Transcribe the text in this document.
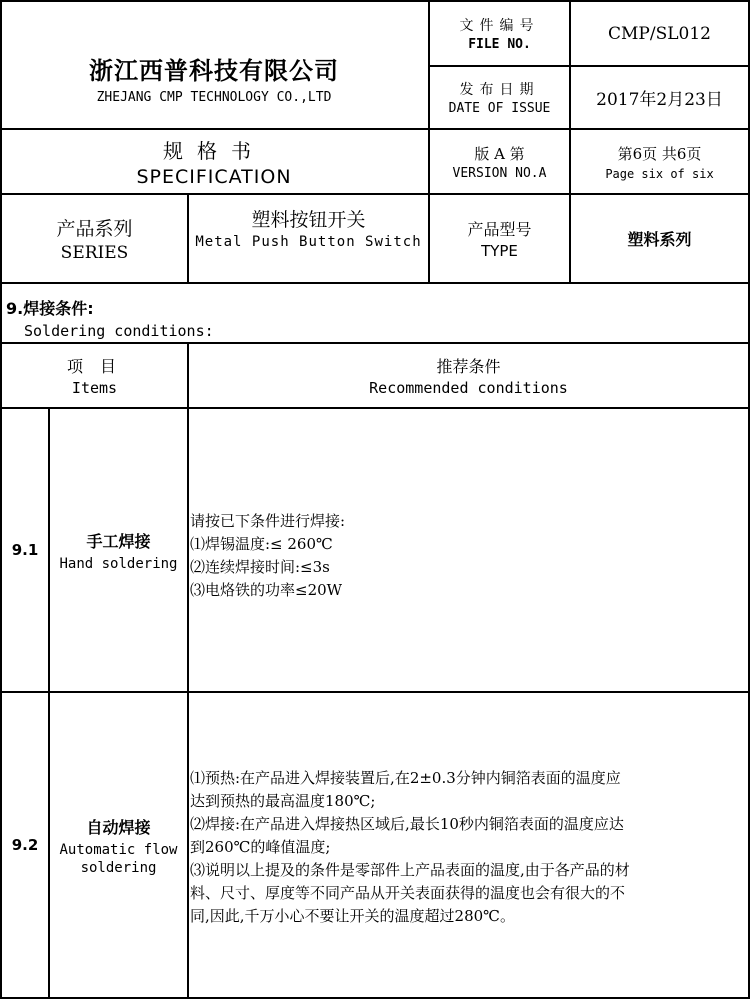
浙江西普科技有限公司
ZHEJANG CMP TECHNOLOGY CO.,LTD
文件编号
FILE NO.
CMP/SL012
发布日期
DATE OF ISSUE	2017年2月23日
规格书
SPECIFICATION
版 A 第
VERSION NO.A
第6页 共6页
Page six of six
产品系列
SERIES
塑料按钮开关
Metal Push Button Switch
产品型号
TYPE
塑料系列
9.焊接条件:
Soldering conditions:
项 目
Items
推荐条件
Recommended conditions
9.1	手工焊接
Hand soldering
请按已下条件进行焊接:
⑴焊锡温度:≤ 260℃
⑵连续焊接时间:≤3s
⑶电烙铁的功率≤20W
9.2
自动焊接
Automatic flow
soldering
⑴预热:在产品进入焊接装置后,在2±0.3分钟内铜箔表面的温度应
达到预热的最高温度180℃;
⑵焊接:在产品进入焊接热区域后,最长10秒内铜箔表面的温度应达
到260℃的峰值温度;
⑶说明以上提及的条件是零部件上产品表面的温度,由于各产品的材
料、尺寸、厚度等不同产品从开关表面获得的温度也会有很大的不
同,因此,千万小心不要让开关的温度超过280℃。
